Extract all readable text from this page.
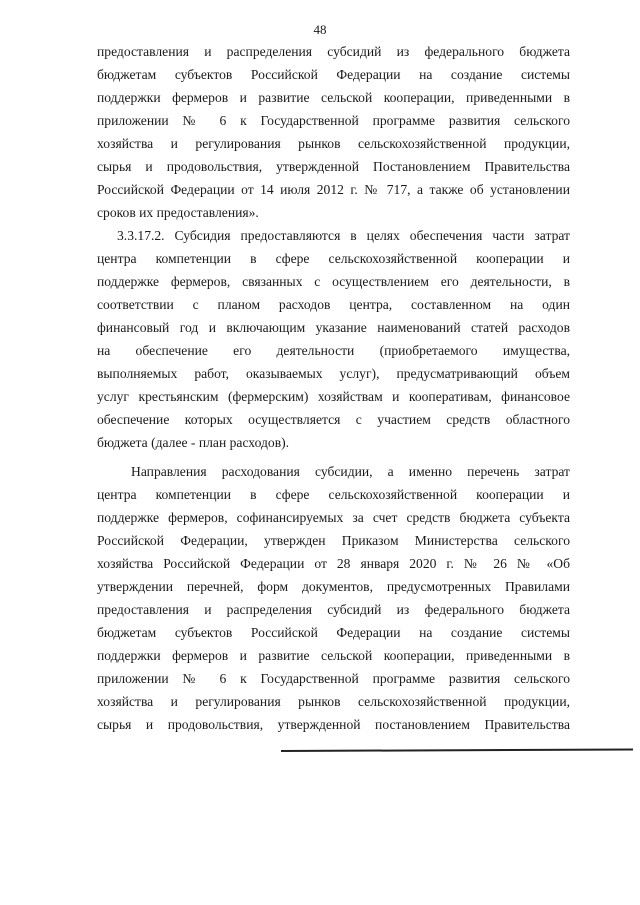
48
предоставления и распределения субсидий из федерального бюджета
бюджетам субъектов Российской Федерации на создание системы
поддержки фермеров и развитие сельской кооперации, приведенными в
приложении № 6 к Государственной программе развития сельского
хозяйства и регулирования рынков сельскохозяйственной продукции,
сырья и продовольствия, утвержденной Постановлением Правительства
Российской Федерации от 14 июля 2012 г. № 717, а также об установлении
сроков их предоставления».
3.3.17.2. Субсидия предоставляются в целях обеспечения части затрат
центра компетенции в сфере сельскохозяйственной кооперации и
поддержке фермеров, связанных с осуществлением его деятельности, в
соответствии с планом расходов центра, составленном на один
финансовый год и включающим указание наименований статей расходов
на обеспечение его деятельности (приобретаемого имущества,
выполняемых работ, оказываемых услуг), предусматривающий объем
услуг крестьянским (фермерским) хозяйствам и кооперативам, финансовое
обеспечение которых осуществляется с участием средств областного
бюджета (далее - план расходов).
Направления расходования субсидии, а именно перечень затрат
центра компетенции в сфере сельскохозяйственной кооперации и
поддержке фермеров, софинансируемых за счет средств бюджета субъекта
Российской Федерации, утвержден Приказом Министерства сельского
хозяйства Российской Федерации от 28 января 2020 г. № 26 № «Об
утверждении перечней, форм документов, предусмотренных Правилами
предоставления и распределения субсидий из федерального бюджета
бюджетам субъектов Российской Федерации на создание системы
поддержки фермеров и развитие сельской кооперации, приведенными в
приложении № 6 к Государственной программе развития сельского
хозяйства и регулирования рынков сельскохозяйственной продукции,
сырья и продовольствия, утвержденной постановлением Правительства
